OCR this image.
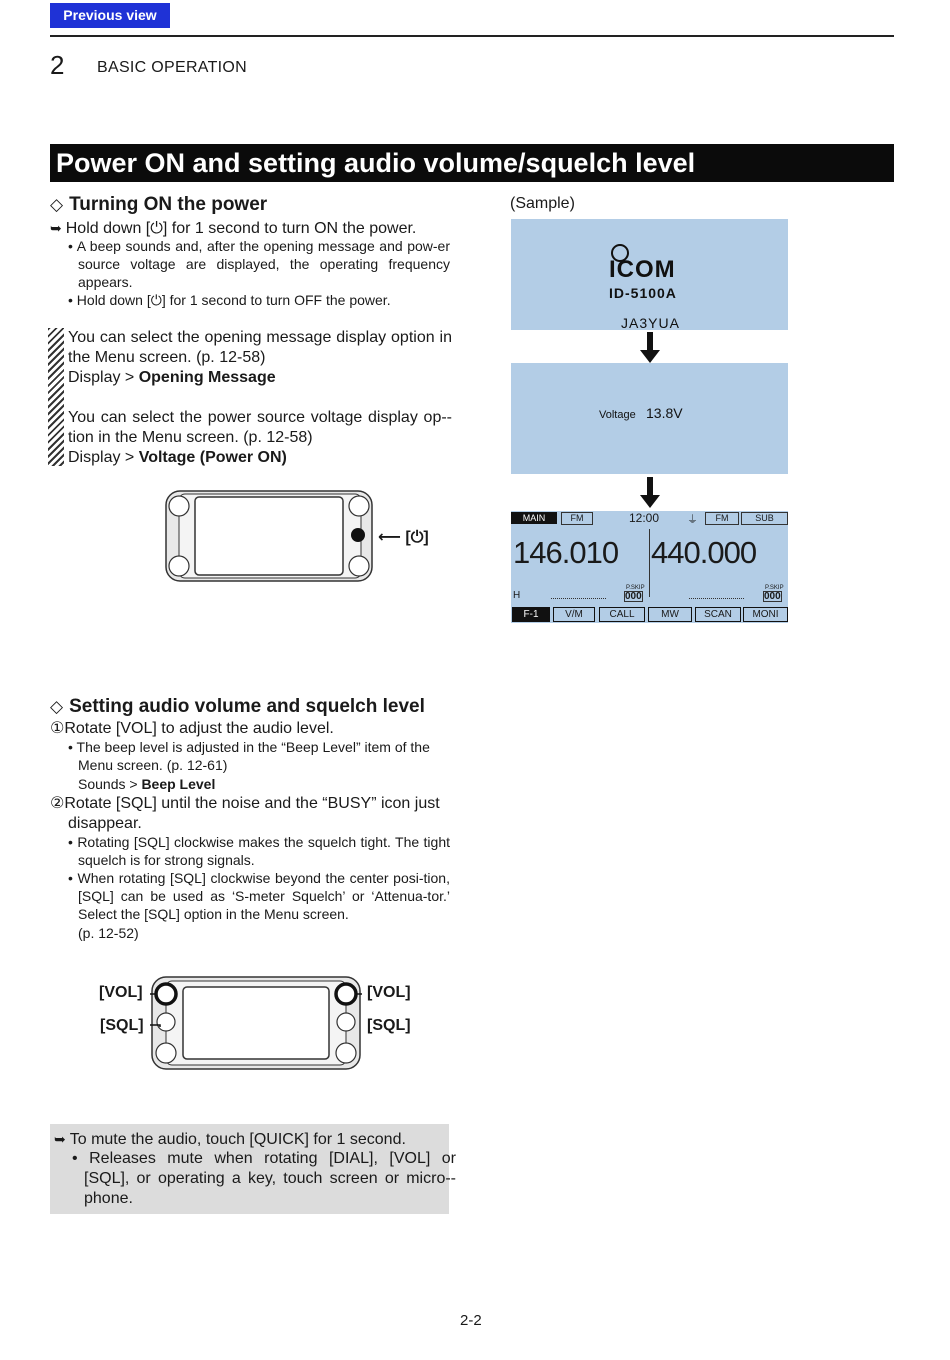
Previous view
2 BASIC OPERATION
Power ON and setting audio volume/squelch level
◇ Turning ON the power
➥ Hold down [⏻] for 1 second to turn ON the power.
• A beep sounds and, after the opening message and pow-er source voltage are displayed, the operating frequency appears.
• Hold down [⏻] for 1 second to turn OFF the power.
You can select the opening message display option in the Menu screen. (p. 12-58)
Display > Opening Message
You can select the power source voltage display op-tion in the Menu screen. (p. 12-58)
Display > Voltage (Power ON)
⟵ [⏻]
(Sample)
ICOM
ID-5100A
JA3YUA
Voltage 13.8V
MAIN	FM	12:00	⏚	FM	SUB
146.010 440.000
H
P.SKIP
000
P.SKIP
000
F-1	V/M	CALL	MW	SCAN	MONI
◇ Setting audio volume and squelch level
①Rotate [VOL] to adjust the audio level.
• The beep level is adjusted in the “Beep Level” item of the Menu screen. (p. 12-61)
Sounds > Beep Level
②Rotate [SQL] until the noise and the “BUSY” icon just disappear.
• Rotating [SQL] clockwise makes the squelch tight. The tight squelch is for strong signals.
• When rotating [SQL] clockwise beyond the center posi-tion, [SQL] can be used as ‘S-meter Squelch’ or ‘Attenua-tor.’ Select the [SQL] option in the Menu screen.
(p. 12-52)
[VOL]
[SQL]
[VOL]
[SQL]
➥ To mute the audio, touch [QUICK] for 1 second.
• Releases mute when rotating [DIAL], [VOL] or [SQL], or operating a key, touch screen or micro-phone.
2-2
